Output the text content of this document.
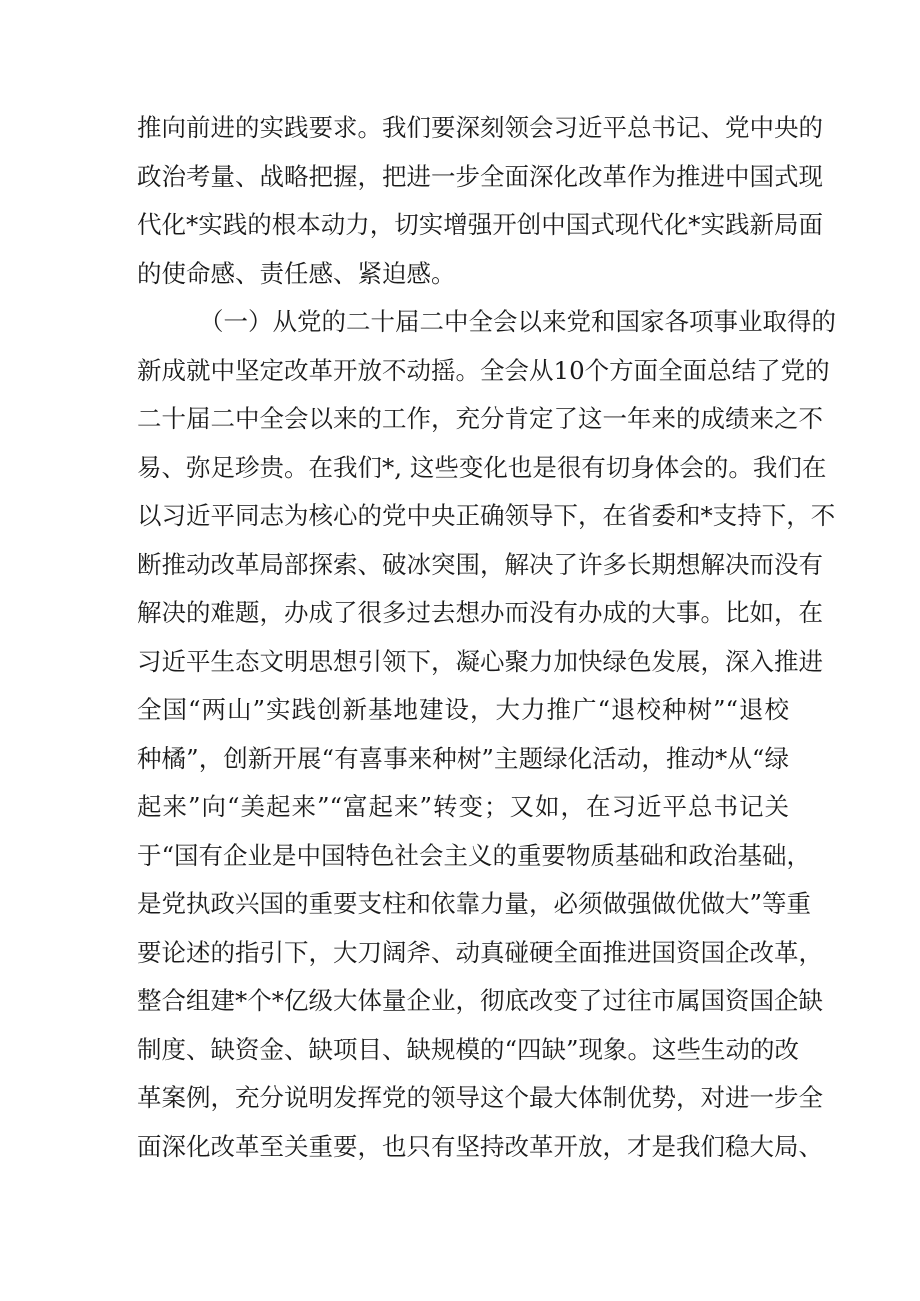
推向前进的实践要求。我们要深刻领会习近平总书记、党中央的
政治考量、战略把握，把进一步全面深化改革作为推进中国式现
代化*实践的根本动力，切实增强开创中国式现代化*实践新局面
的使命感、责任感、紧迫感。
（一）从党的二十届二中全会以来党和国家各项事业取得的
新成就中坚定改革开放不动摇。全会从10个方面全面总结了党的
二十届二中全会以来的工作，充分肯定了这一年来的成绩来之不
易、弥足珍贵。在我们*, 这些变化也是很有切身体会的。我们在
以习近平同志为核心的党中央正确领导下，在省委和*支持下，不
断推动改革局部探索、破冰突围，解决了许多长期想解决而没有
解决的难题，办成了很多过去想办而没有办成的大事。比如，在
习近平生态文明思想引领下，凝心聚力加快绿色发展，深入推进
全国“两山”实践创新基地建设，大力推广“退校种树”“退校
种橘”，创新开展“有喜事来种树”主题绿化活动，推动*从“绿
起来”向“美起来”“富起来”转变；又如，在习近平总书记关
于“国有企业是中国特色社会主义的重要物质基础和政治基础，
是党执政兴国的重要支柱和依靠力量，必须做强做优做大”等重
要论述的指引下，大刀阔斧、动真碰硬全面推进国资国企改革，
整合组建*个*亿级大体量企业，彻底改变了过往市属国资国企缺
制度、缺资金、缺项目、缺规模的“四缺”现象。这些生动的改
革案例，充分说明发挥党的领导这个最大体制优势，对进一步全
面深化改革至关重要，也只有坚持改革开放，才是我们稳大局、
